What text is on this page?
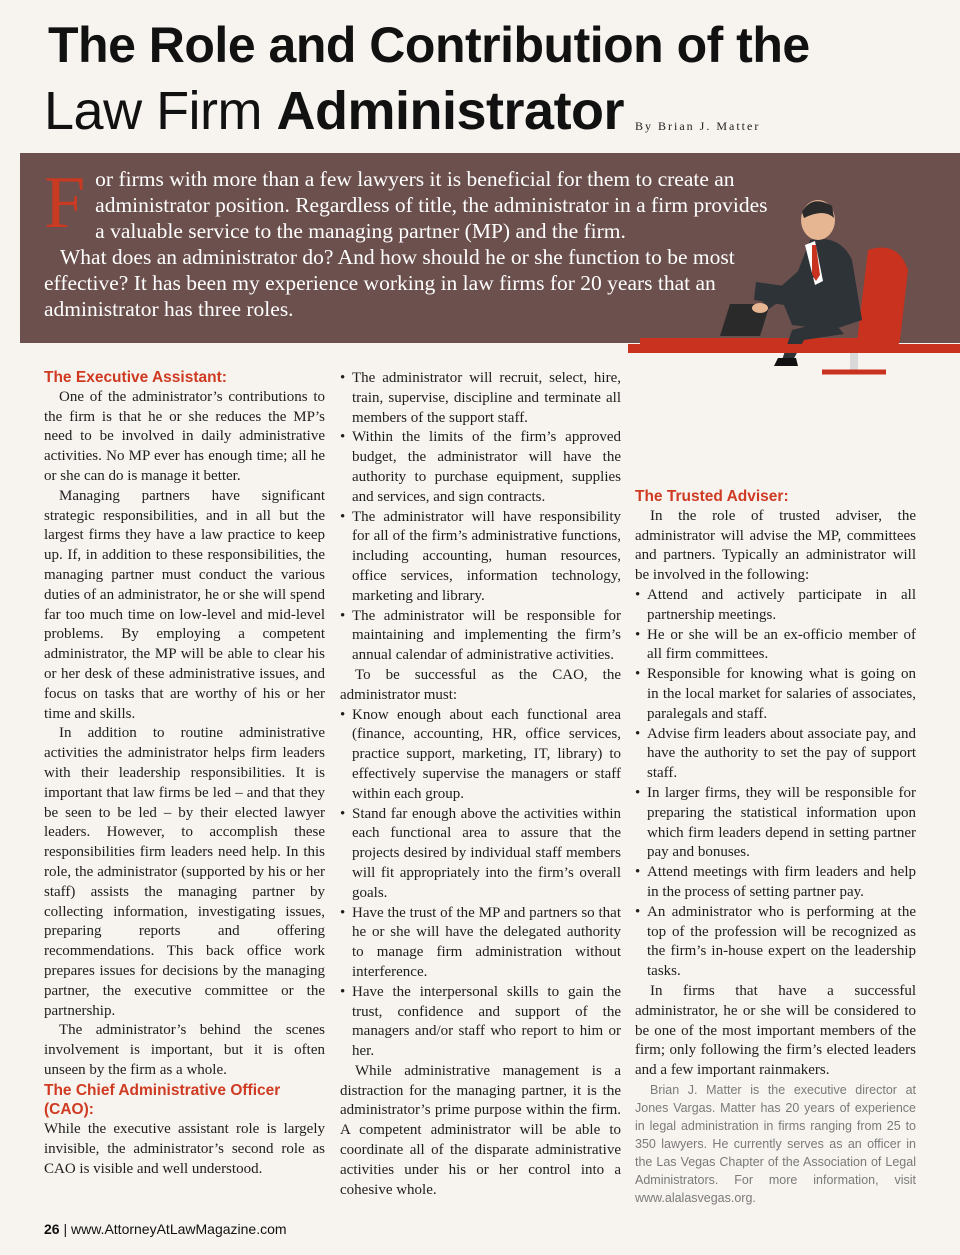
The Role and Contribution of the
Law Firm Administrator By Brian J. Matter
F or firms with more than a few lawyers it is beneficial for them to create an administrator position. Regardless of title, the administrator in a firm provides a valuable service to the managing partner (MP) and the firm.

What does an administrator do? And how should he or she function to be most effective? It has been my experience working in law firms for 20 years that an administrator has three roles.

The Executive Assistant:

One of the administrator’s contributions to the firm is that he or she reduces the MP’s need to be involved in daily administrative activities. No MP ever has enough time; all he or she can do is manage it better.

Managing partners have significant strategic responsibilities, and in all but the largest firms they have a law practice to keep up. If, in addition to these responsibilities, the managing partner must conduct the various duties of an administrator, he or she will spend far too much time on low-level and mid-level problems. By employing a competent administrator, the MP will be able to clear his or her desk of these administrative issues, and focus on tasks that are worthy of his or her time and skills.

In addition to routine administrative activities the administrator helps firm leaders with their leadership responsibilities. It is important that law firms be led – and that they be seen to be led – by their elected lawyer leaders. However, to accomplish these responsibilities firm leaders need help. In this role, the administrator (supported by his or her staff) assists the managing partner by collecting information, investigating issues, preparing reports and offering recommendations. This back office work prepares issues for decisions by the managing partner, the executive committee or the partnership.

The administrator’s behind the scenes involvement is important, but it is often unseen by the firm as a whole.

The Chief Administrative Officer (CAO):

While the executive assistant role is largely invisible, the administrator’s second role as CAO is visible and well understood.

• The administrator will recruit, select, hire, train, supervise, discipline and terminate all members of the support staff.
• Within the limits of the firm’s approved budget, the administrator will have the authority to purchase equipment, supplies and services, and sign contracts.
• The administrator will have responsibility for all of the firm’s administrative functions, including accounting, human resources, office services, information technology, marketing and library.
• The administrator will be responsible for maintaining and implementing the firm’s annual calendar of administrative activities.

To be successful as the CAO, the administrator must:

• Know enough about each functional area (finance, accounting, HR, office services, practice support, marketing, IT, library) to effectively supervise the managers or staff within each group.
• Stand far enough above the activities within each functional area to assure that the projects desired by individual staff members will fit appropriately into the firm’s overall goals.
• Have the trust of the MP and partners so that he or she will have the delegated authority to manage firm administration without interference.
• Have the interpersonal skills to gain the trust, confidence and support of the managers and/or staff who report to him or her.

While administrative management is a distraction for the managing partner, it is the administrator’s prime purpose within the firm. A competent administrator will be able to coordinate all of the disparate administrative activities under his or her control into a cohesive whole.

The Trusted Adviser:

In the role of trusted adviser, the administrator will advise the MP, committees and partners. Typically an administrator will be involved in the following:

• Attend and actively participate in all partnership meetings.
• He or she will be an ex-officio member of all firm committees.
• Responsible for knowing what is going on in the local market for salaries of associates, paralegals and staff.
• Advise firm leaders about associate pay, and have the authority to set the pay of support staff.
• In larger firms, they will be responsible for preparing the statistical information upon which firm leaders depend in setting partner pay and bonuses.
• Attend meetings with firm leaders and help in the process of setting partner pay.
• An administrator who is performing at the top of the profession will be recognized as the firm’s in-house expert on the leadership tasks.

In firms that have a successful administrator, he or she will be considered to be one of the most important members of the firm; only following the firm’s elected leaders and a few important rainmakers.

Brian J. Matter is the executive director at Jones Vargas. Matter has 20 years of experience in legal administration in firms ranging from 25 to 350 lawyers. He currently serves as an officer in the Las Vegas Chapter of the Association of Legal Administrators. For more information, visit www.alalasvegas.org.
26 | www.AttorneyAtLawMagazine.com
